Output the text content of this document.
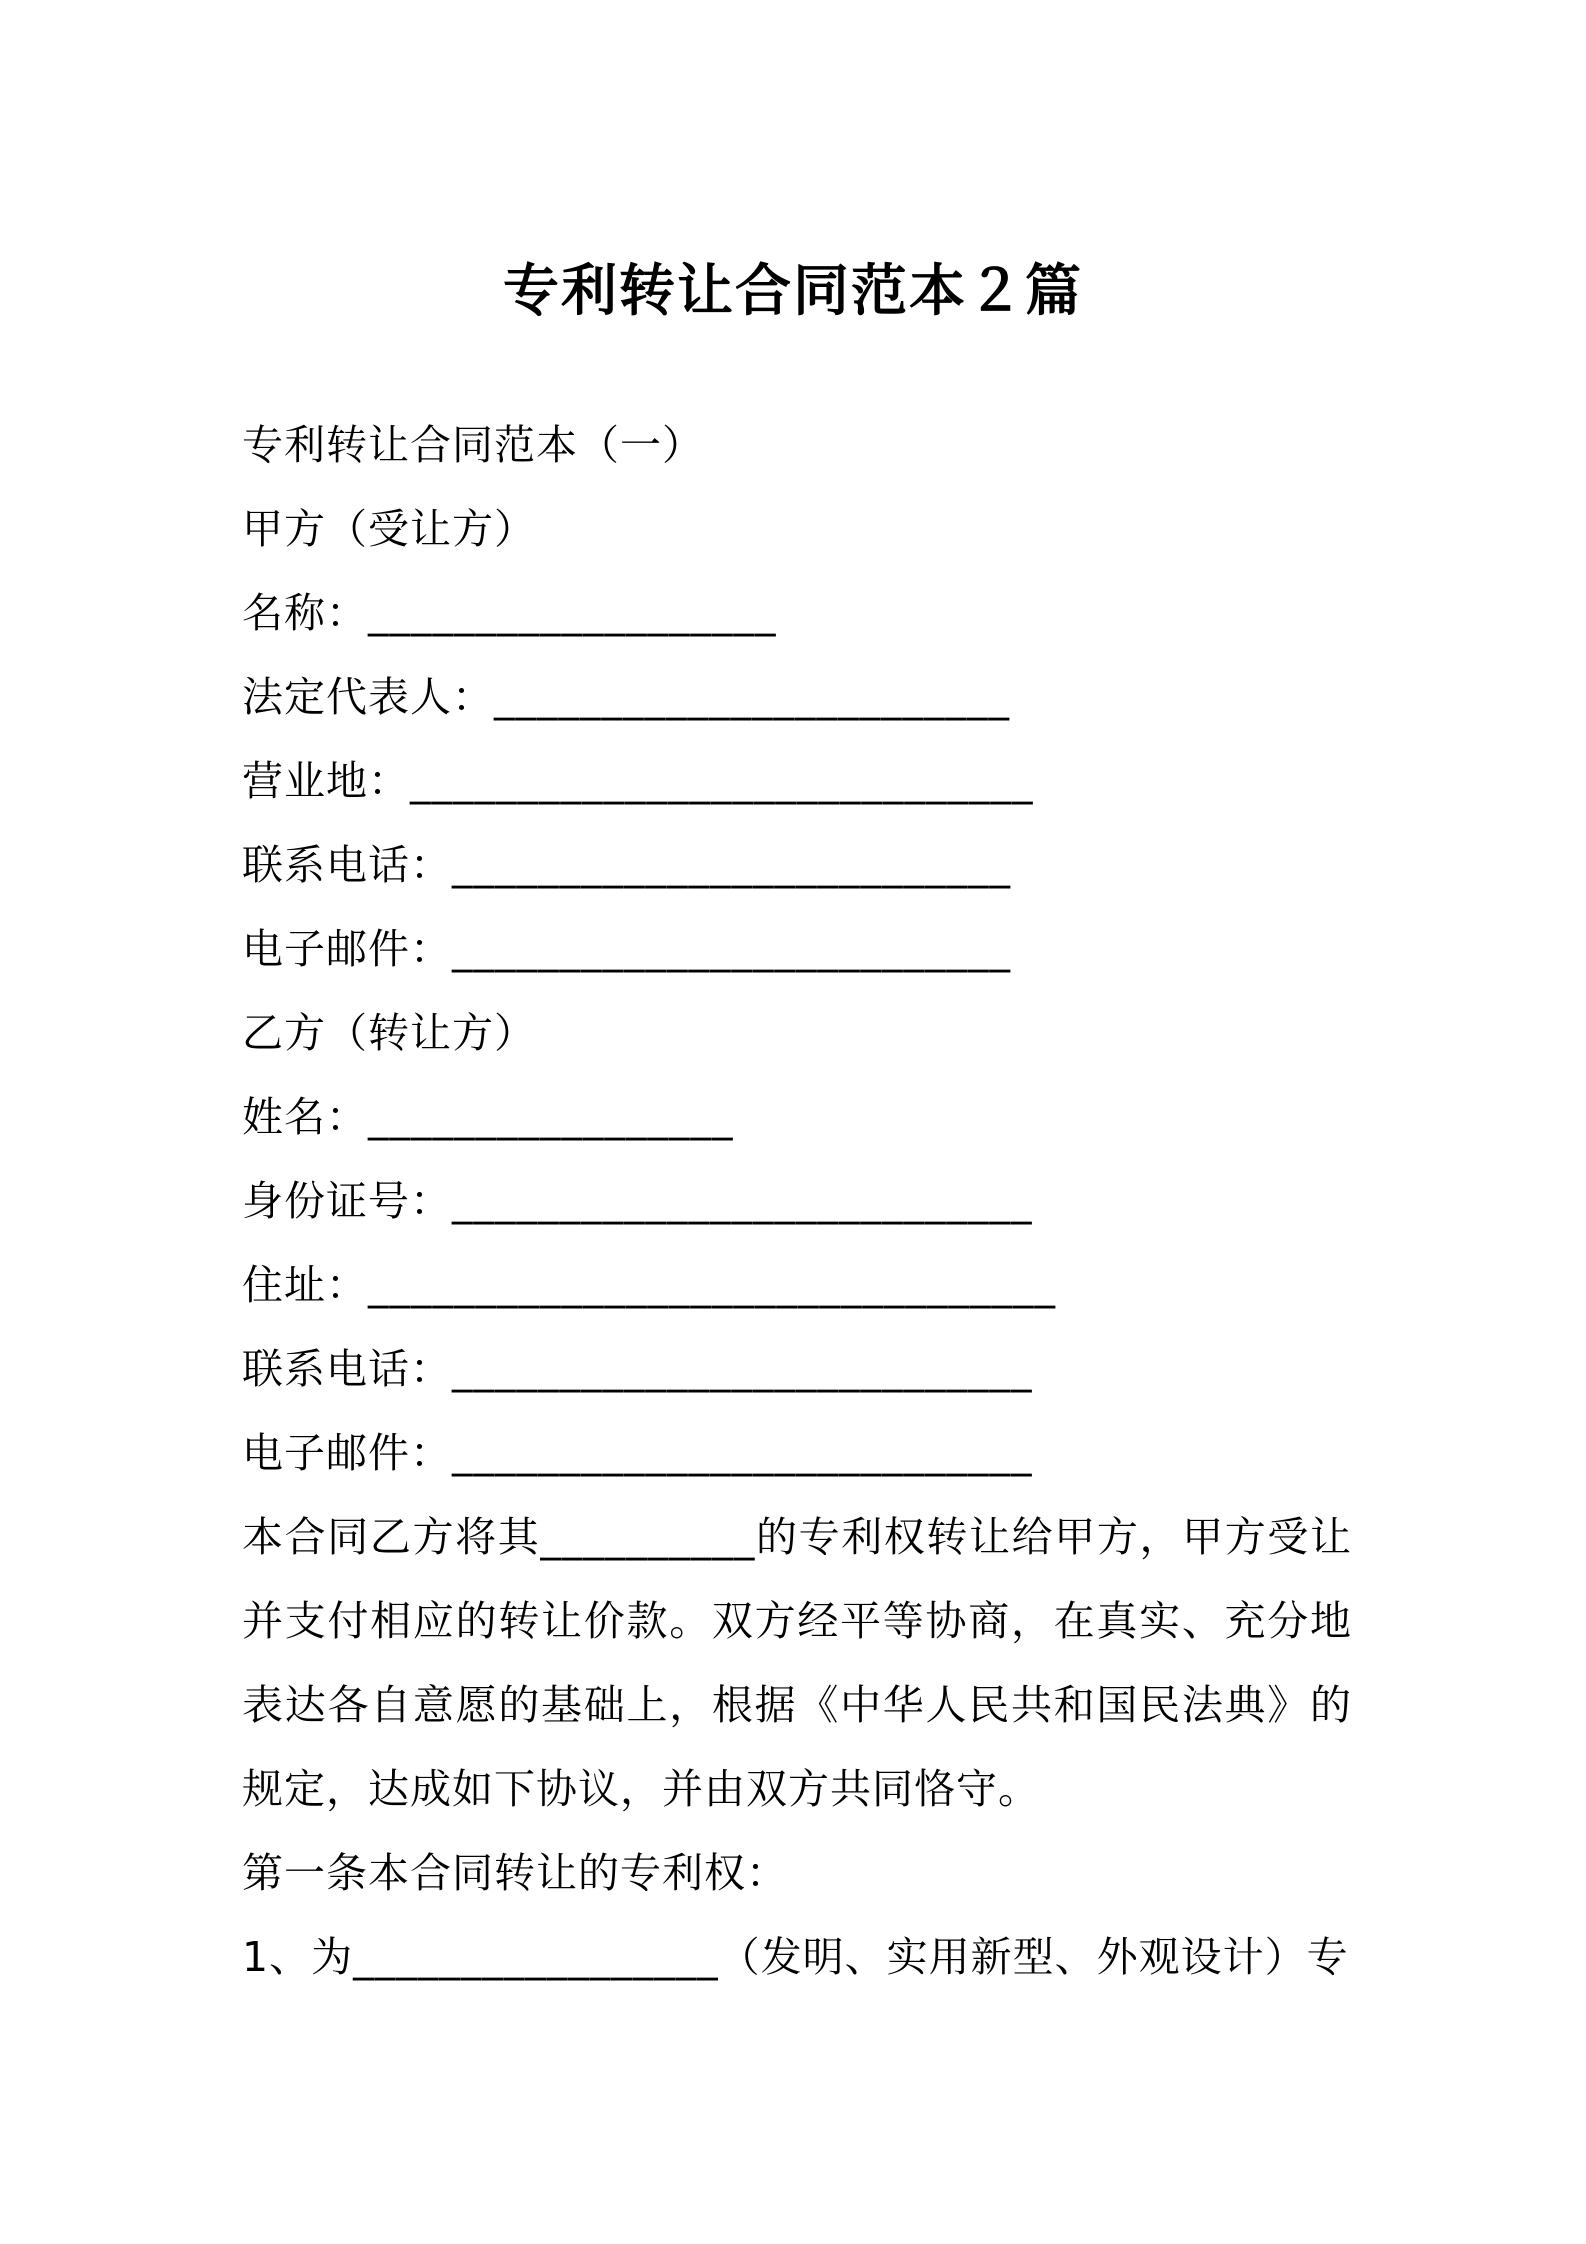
专利转让合同范本２篇
专利转让合同范本（一）
甲方（受让方）
名称：___________________
法定代表人：________________________
营业地：_____________________________
联系电话：__________________________
电子邮件：__________________________
乙方（转让方）
姓名：_________________
身份证号：___________________________
住址：________________________________
联系电话：___________________________
电子邮件：___________________________

本合同乙方将其__________的专利权转让给甲方，甲方受让并支付相应的转让价款。双方经平等协商，在真实、充分地表达各自意愿的基础上，根据《中华人民共和国民法典》的规定，达成如下协议，并由双方共同恪守。

第一条本合同转让的专利权：
1、为_________________（发明、实用新型、外观设计）专
